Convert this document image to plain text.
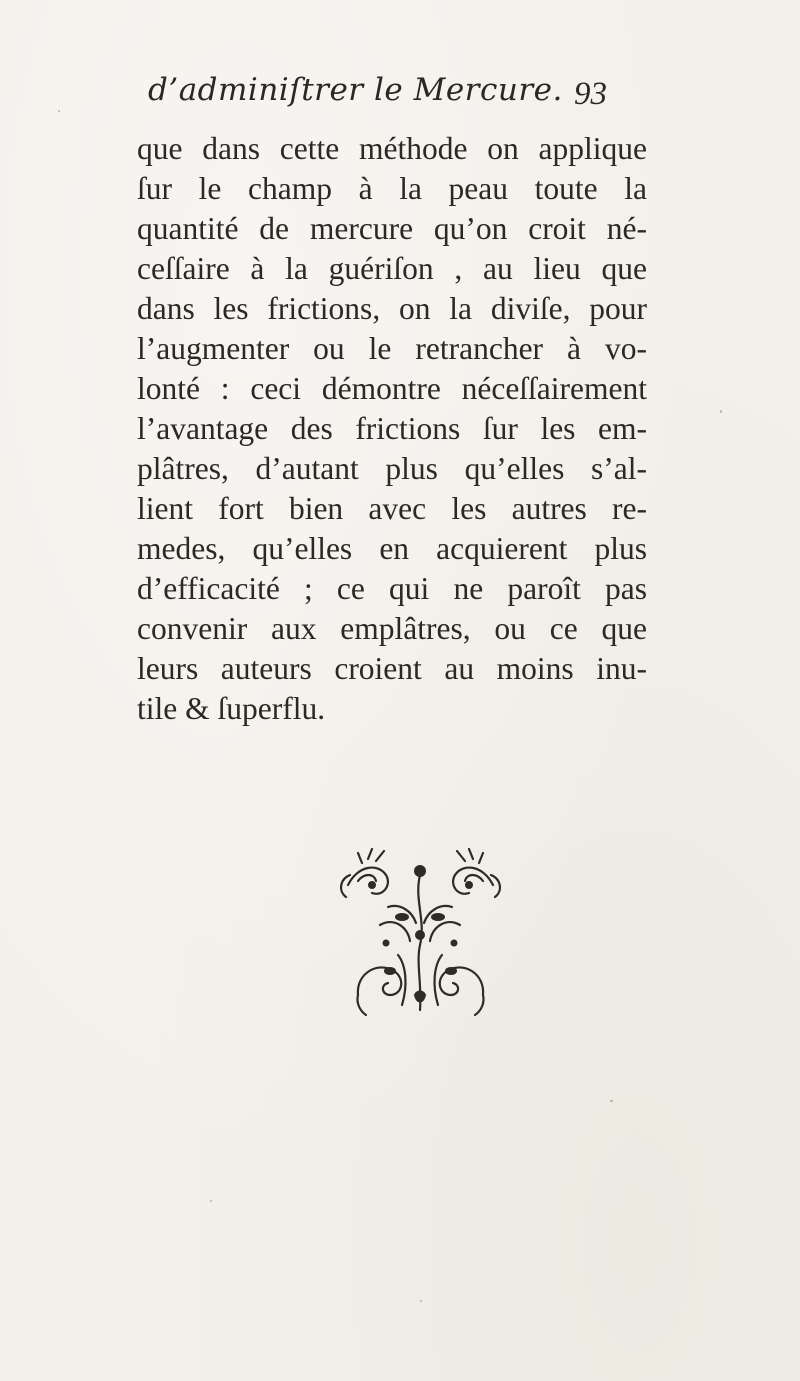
d’adminiſtrer le Mercure. 93
que dans cette méthode on applique
ſur le champ à la peau toute la
quantité de mercure qu’on croit né-
ceſſaire à la guériſon , au lieu que
dans les frictions, on la diviſe, pour
l’augmenter ou le retrancher à vo-
lonté : ceci démontre néceſſairement
l’avantage des frictions ſur les em-
plâtres, d’autant plus qu’elles s’al-
lient fort bien avec les autres re-
medes, qu’elles en acquierent plus
d’efficacité ; ce qui ne paroît pas
convenir aux emplâtres, ou ce que
leurs auteurs croient au moins inu-
tile & ſuperflu.
